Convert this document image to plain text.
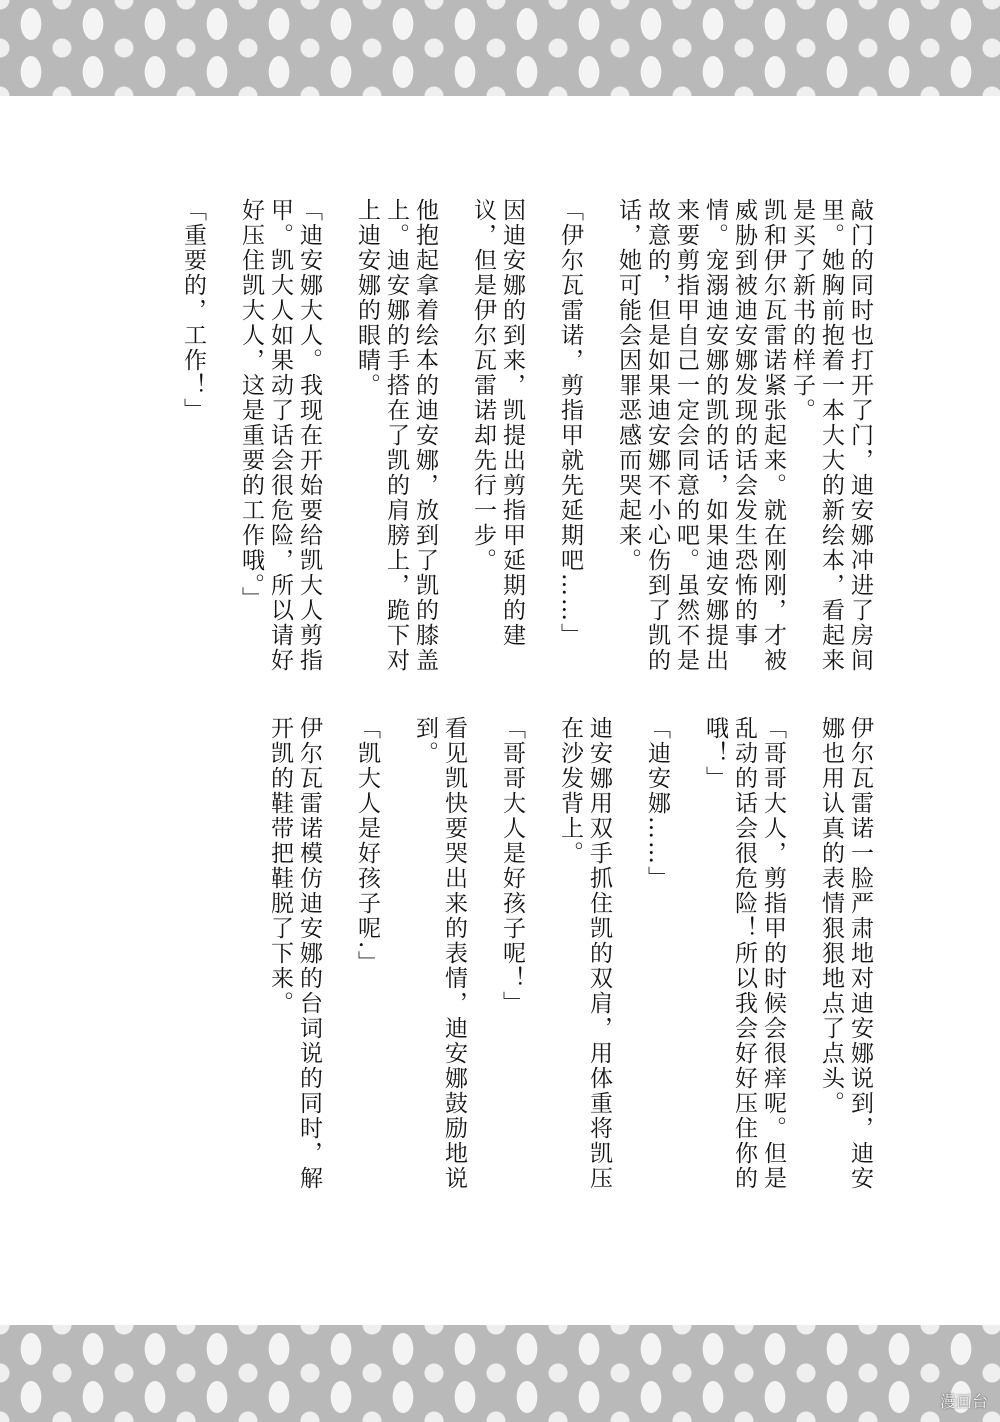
敲门的同时也打开了门，迪安娜冲进了房间里。她胸前抱着一本大大的新绘本，看起来是买了新书的样子。

凯和伊尔瓦雷诺紧张起来。就在刚刚，才被威胁到被迪安娜发现的话会发生恐怖的事情。宠溺迪安娜的凯的话，如果迪安娜提出来要剪指甲自己一定会同意的吧。虽然不是故意的，但是如果迪安娜不小心伤到了凯的话，她可能会因罪恶感而哭起来。

「伊尔瓦雷诺，剪指甲就先延期吧……」

因迪安娜的到来，凯提出剪指甲延期的建议，但是伊尔瓦雷诺却先行一步。

他抱起拿着绘本的迪安娜，放到了凯的膝盖上。迪安娜的手搭在了凯的肩膀上，跪下对上迪安娜的眼睛。

「迪安娜大人。我现在开始要给凯大人剪指甲。凯大人如果动了话会很危险，所以请好好压住凯大人，这是重要的工作哦。」

「重要的，工作！」

伊尔瓦雷诺一脸严肃地对迪安娜说到，迪安娜也用认真的表情狠狠地点了点头。

「哥哥大人，剪指甲的时候会很痒呢。但是乱动的话会很危险！所以我会好好压住你的哦！」

「迪安娜……」

迪安娜用双手抓住凯的双肩，用体重将凯压在沙发背上。

「哥哥大人是好孩子呢！」

看见凯快要哭出来的表情，迪安娜鼓励地说到。

「凯大人是好孩子呢.」

伊尔瓦雷诺模仿迪安娜的台词说的同时，解开凯的鞋带把鞋脱了下来。

漫画台
